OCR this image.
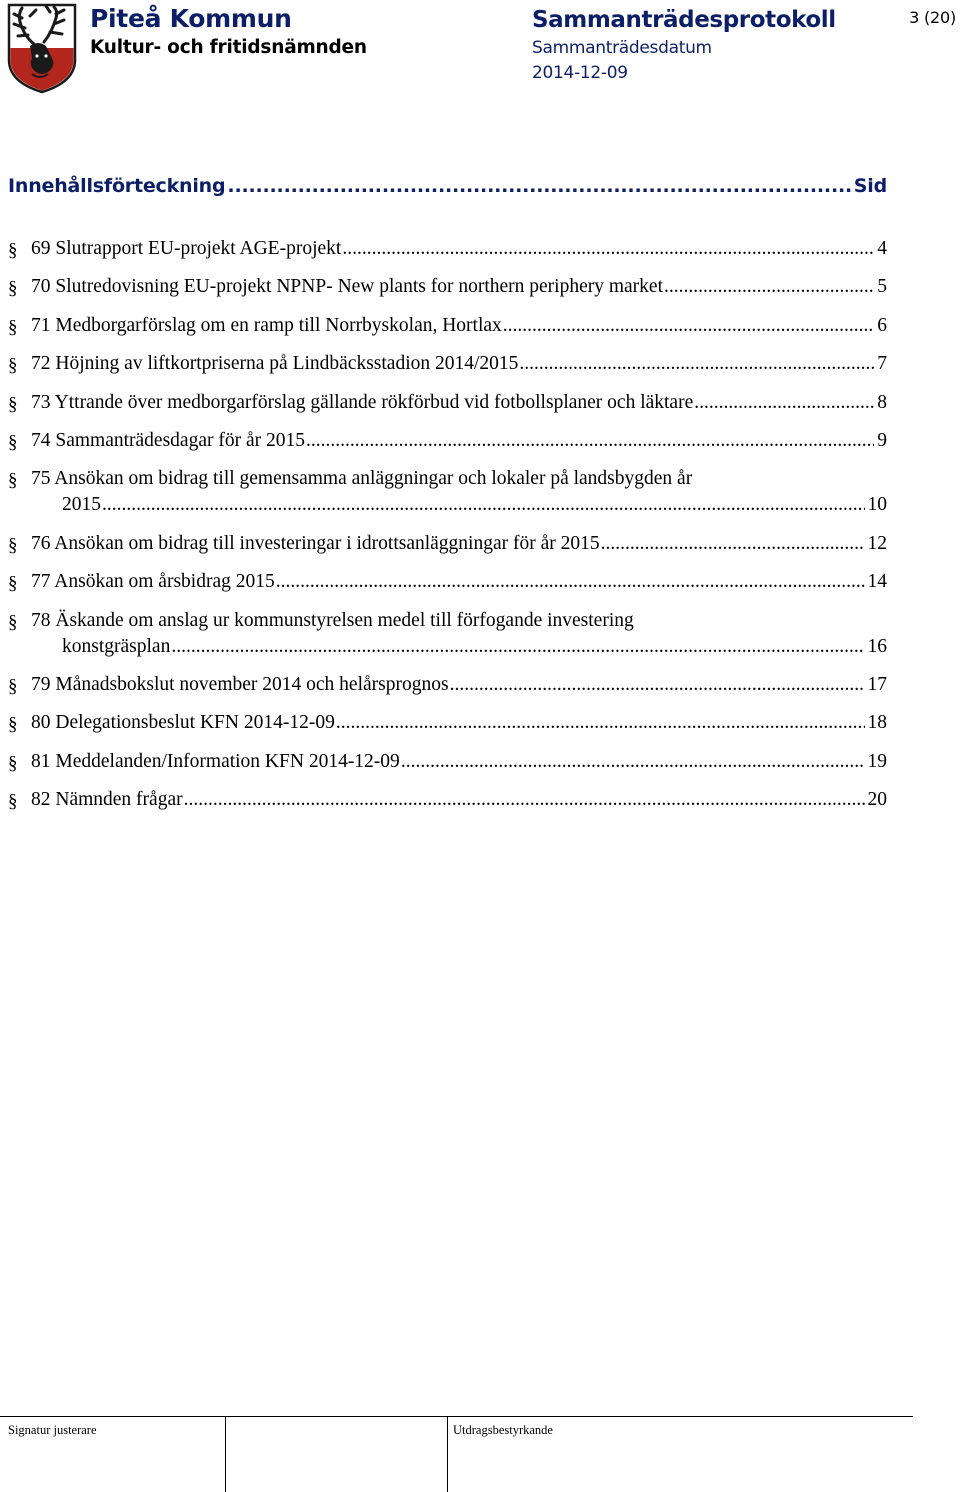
Piteå Kommun
Kultur- och fritidsnämnden
Sammanträdesprotokoll
Sammanträdesdatum
2014-12-09
3 (20)
Innehållsförteckning .....	Sid
§ 69 Slutrapport EU-projekt AGE-projekt .....	4
§ 70 Slutredovisning EU-projekt NPNP- New plants for northern periphery market .....	5
§ 71 Medborgarförslag om en ramp till Norrbyskolan, Hortlax .....	6
§ 72 Höjning av liftkortpriserna på Lindbäcksstadion 2014/2015 .....	7
§ 73 Yttrande över medborgarförslag gällande rökförbud vid fotbollsplaner och läktare .....	8
§ 74 Sammanträdesdagar för år 2015 .....	9
§ 75 Ansökan om bidrag till gemensamma anläggningar och lokaler på landsbygden år
2015 .....	10
§ 76 Ansökan om bidrag till investeringar i idrottsanläggningar för år 2015 .....	12
§ 77 Ansökan om årsbidrag 2015 .....	14
§ 78 Äskande om anslag ur kommunstyrelsen medel till förfogande investering
konstgräsplan .....	16
§ 79 Månadsbokslut november 2014 och helårsprognos .....	17
§ 80 Delegationsbeslut KFN 2014-12-09 .....	18
§ 81 Meddelanden/Information KFN 2014-12-09 .....	19
§ 82 Nämnden frågar .....	20
Signatur justerare	Utdragsbestyrkande
